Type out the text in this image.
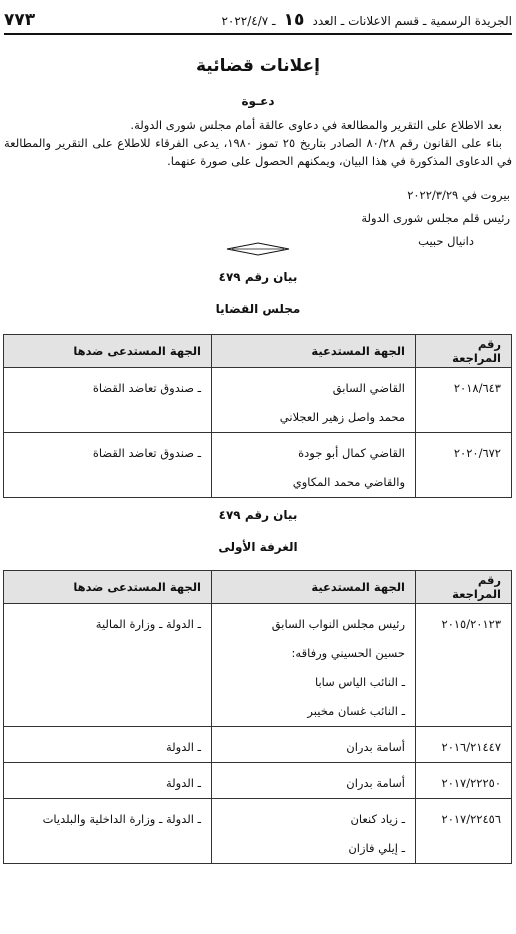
الجريدة الرسمية ـ قسم الاعلانات ـ العدد ١٥ ـ ٢٠٢٢/٤/٧
٧٧٣
إعلانات قضائية
دعـوة

بعد الاطلاع على التقرير والمطالعة في دعاوى عالقة أمام مجلس شورى الدولة.

بناء على القانون رقم ٨٠/٢٨ الصادر بتاريخ ٢٥ تموز ١٩٨٠، يدعى الفرقاء للاطلاع على التقرير والمطالعة في الدعاوى المذكورة في هذا البيان، ويمكنهم الحصول على صورة عنهما.

بيروت في ٢٠٢٢/٣/٢٩
رئيس قلم مجلس شورى الدولة
دانيال حبيب
بيان رقم ٤٧٩
مجلس القضايا
رقم المراجعة	الجهة المستدعية	الجهة المستدعى ضدها
٢٠١٨/٦٤٣	القاضي السابق
محمد واصل زهير العجلاني	ـ صندوق تعاضد القضاة

٢٠٢٠/٦٧٢	القاضي كمال أبو جودة
والقاضي محمد المكاوي	ـ صندوق تعاضد القضاة
بيان رقم ٤٧٩
الغرفة الأولى
رقم المراجعة	الجهة المستدعية	الجهة المستدعى ضدها
٢٠١٥/٢٠١٢٣	رئيس مجلس النواب السابق
حسين الحسيني ورفاقه:
ـ النائب الياس سابا
ـ النائب غسان مخيبر	ـ الدولة ـ وزارة المالية

٢٠١٦/٢١٤٤٧	أسامة بدران	ـ الدولة

٢٠١٧/٢٢٢٥٠	أسامة بدران	ـ الدولة

٢٠١٧/٢٢٤٥٦	ـ زياد كنعان
ـ إيلي فازان	ـ الدولة ـ وزارة الداخلية والبلديات
